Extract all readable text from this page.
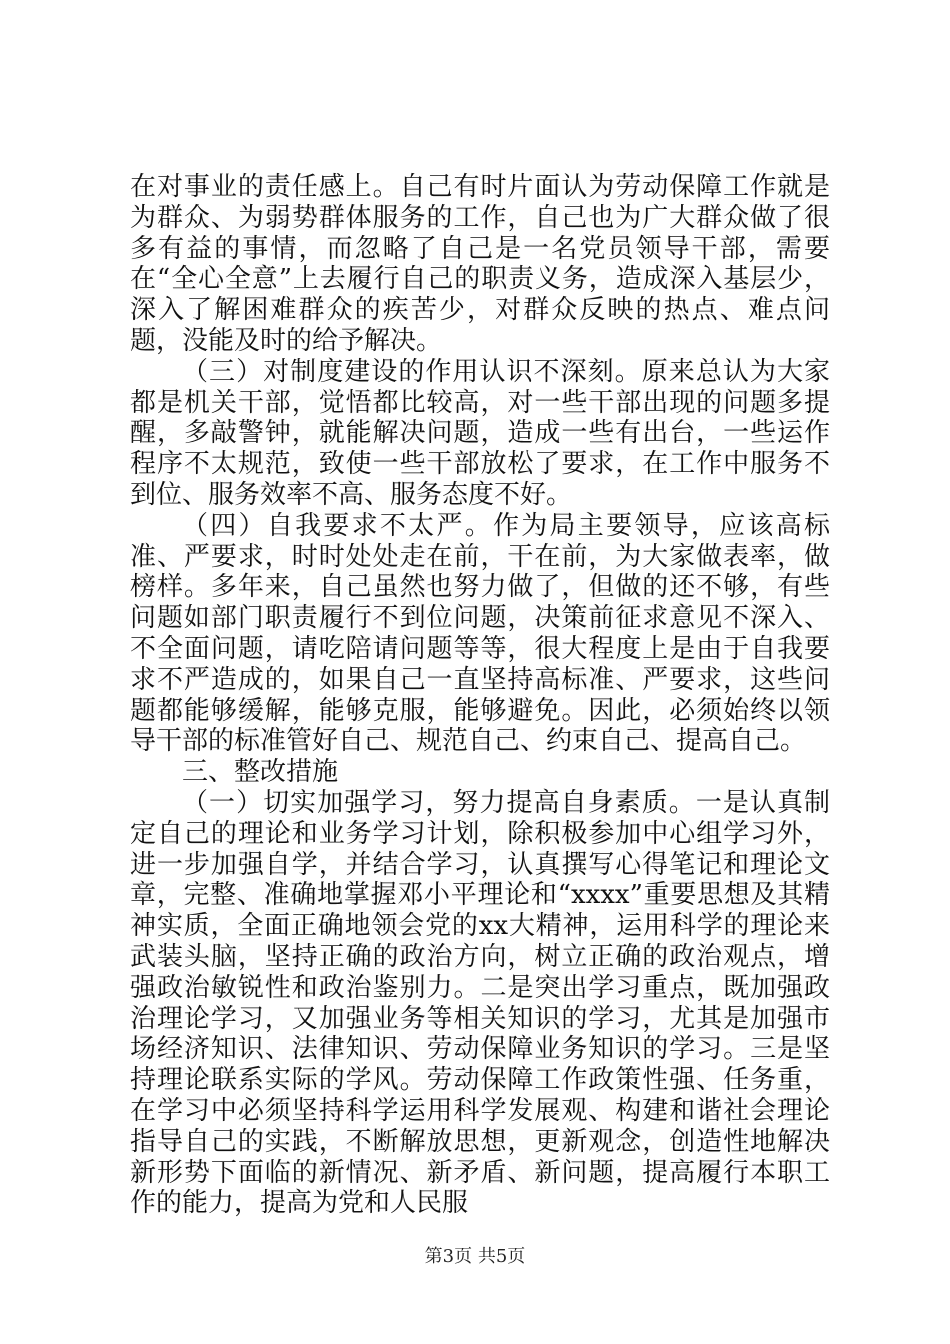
在对事业的责任感上。自己有时片面认为劳动保障工作就是为群众、为弱势群体服务的工作，自己也为广大群众做了很多有益的事情，而忽略了自己是一名党员领导干部，需要在“全心全意”上去履行自己的职责义务，造成深入基层少，深入了解困难群众的疾苦少，对群众反映的热点、难点问题，没能及时的给予解决。

（三）对制度建设的作用认识不深刻。原来总认为大家都是机关干部，觉悟都比较高，对一些干部出现的问题多提醒，多敲警钟，就能解决问题，造成一些有出台，一些运作程序不太规范，致使一些干部放松了要求，在工作中服务不到位、服务效率不高、服务态度不好。

（四）自我要求不太严。作为局主要领导，应该高标准、严要求，时时处处走在前，干在前，为大家做表率，做榜样。多年来，自己虽然也努力做了，但做的还不够，有些问题如部门职责履行不到位问题，决策前征求意见不深入、不全面问题，请吃陪请问题等等，很大程度上是由于自我要求不严造成的，如果自己一直坚持高标准、严要求，这些问题都能够缓解，能够克服，能够避免。因此，必须始终以领导干部的标准管好自己、规范自己、约束自己、提高自己。

三、整改措施

（一）切实加强学习，努力提高自身素质。一是认真制定自己的理论和业务学习计划，除积极参加中心组学习外，进一步加强自学，并结合学习，认真撰写心得笔记和理论文章，完整、准确地掌握邓小平理论和“xxxx”重要思想及其精神实质，全面正确地领会党的xx大精神，运用科学的理论来武装头脑，坚持正确的政治方向，树立正确的政治观点，增强政治敏锐性和政治鉴别力。二是突出学习重点，既加强政治理论学习，又加强业务等相关知识的学习，尤其是加强市场经济知识、法律知识、劳动保障业务知识的学习。三是坚持理论联系实际的学风。劳动保障工作政策性强、任务重，在学习中必须坚持科学运用科学发展观、构建和谐社会理论指导自己的实践，不断解放思想，更新观念，创造性地解决新形势下面临的新情况、新矛盾、新问题，提高履行本职工作的能力，提高为党和人民服

第3页 共5页
